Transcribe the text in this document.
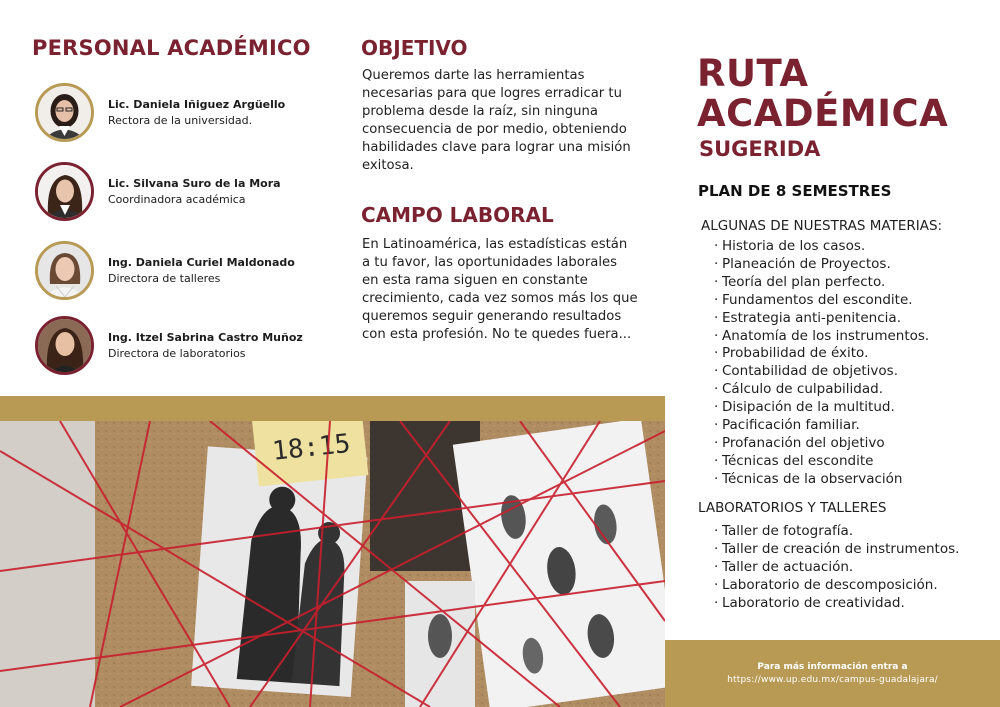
PERSONAL ACADÉMICO
Lic. Daniela Iñiguez Argüello
Rectora de la universidad.
Lic. Silvana Suro de la Mora
Coordinadora académica
Ing. Daniela Curiel Maldonado
Directora de talleres
Ing. Itzel Sabrina Castro Muñoz
Directora de laboratorios
OBJETIVO
Queremos darte las herramientas
necesarias para que logres erradicar tu
problema desde la raíz, sin ninguna
consecuencia de por medio, obteniendo
habilidades clave para lograr una misión
exitosa.
CAMPO LABORAL
En Latinoamérica, las estadísticas están
a tu favor, las oportunidades laborales
en esta rama siguen en constante
crecimiento, cada vez somos más los que
queremos seguir generando resultados
con esta profesión. No te quedes fuera...
RUTA
ACADÉMICA
SUGERIDA
PLAN DE 8 SEMESTRES
ALGUNAS DE NUESTRAS MATERIAS:
· Historia de los casos.
· Planeación de Proyectos.
· Teoría del plan perfecto.
· Fundamentos del escondite.
· Estrategia anti-penitencia.
· Anatomía de los instrumentos.
· Probabilidad de éxito.
· Contabilidad de objetivos.
· Cálculo de culpabilidad.
· Disipación de la multitud.
· Pacificación familiar.
· Profanación del objetivo
· Técnicas del escondite
· Técnicas de la observación
LABORATORIOS Y TALLERES
· Taller de fotografía.
· Taller de creación de instrumentos.
· Taller de actuación.
· Laboratorio de descomposición.
· Laboratorio de creatividad.
Para más información entra a
https://www.up.edu.mx/campus-guadalajara/
18:15
